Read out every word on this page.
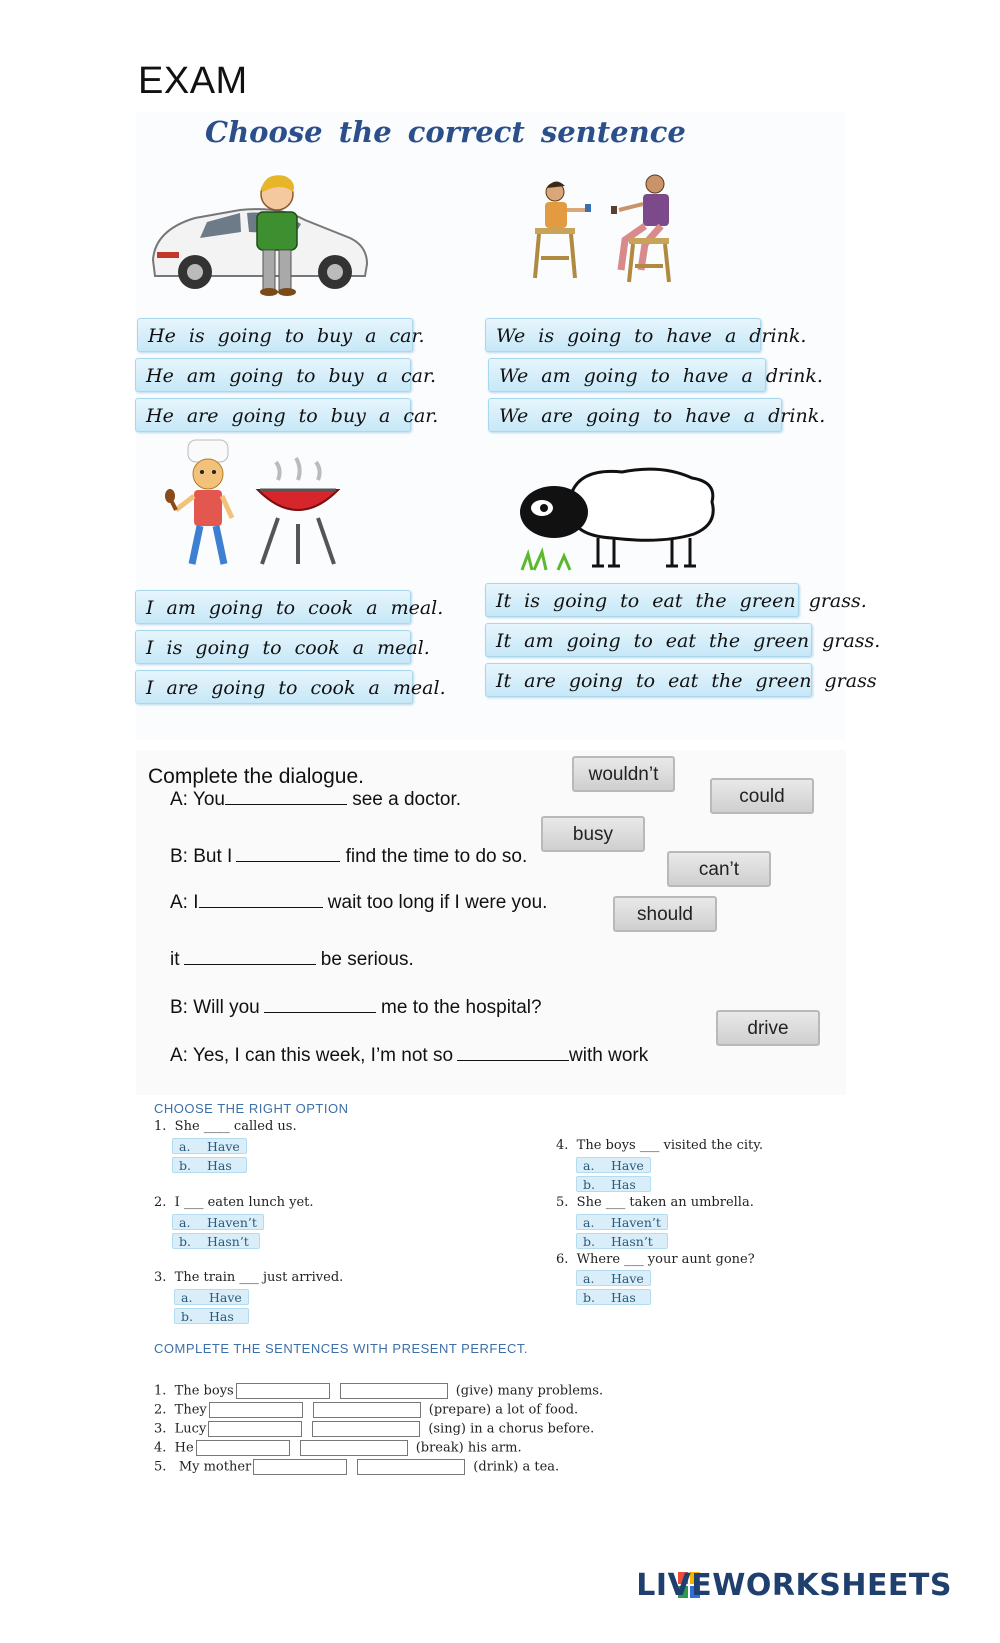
EXAM
Choose the correct sentence
He is going to buy a car.
He am going to buy a car.
He are going to buy a car.
We is going to have a drink.
We am going to have a drink.
We are going to have a drink.
I am going to cook a meal.
I is going to cook a meal.
I are going to cook a meal.
It is going to eat the green grass.
It am going to eat the green grass.
It are going to eat the green grass
Complete the dialogue.
A: You	see a doctor.
B: But I	find the time to do so.
A: I	wait too long if I were you.
it	be serious.
B: Will you	me to the hospital?
A: Yes, I can this week, I’m not so	with work
wouldn’t
could
busy
can’t
should
drive
CHOOSE THE RIGHT OPTION
1. She ____ called us.
a. Have
b. Has
2. I ___ eaten lunch yet.
a. Haven’t
b. Hasn’t
3. The train ___ just arrived.
a. Have
b. Has
4. The boys ___ visited the city.
a. Have
b. Has
5. She ___ taken an umbrella.
a. Haven’t
b. Hasn’t
6. Where ___ your aunt gone?
a. Have
b. Has
COMPLETE THE SENTENCES WITH PRESENT PERFECT.
1. The boys	(give) many problems.
2. They	(prepare) a lot of food.
3. Lucy	(sing) in a chorus before.
4. He	(break) his arm.
5. My mother	(drink) a tea.
LIVEWORKSHEETS
